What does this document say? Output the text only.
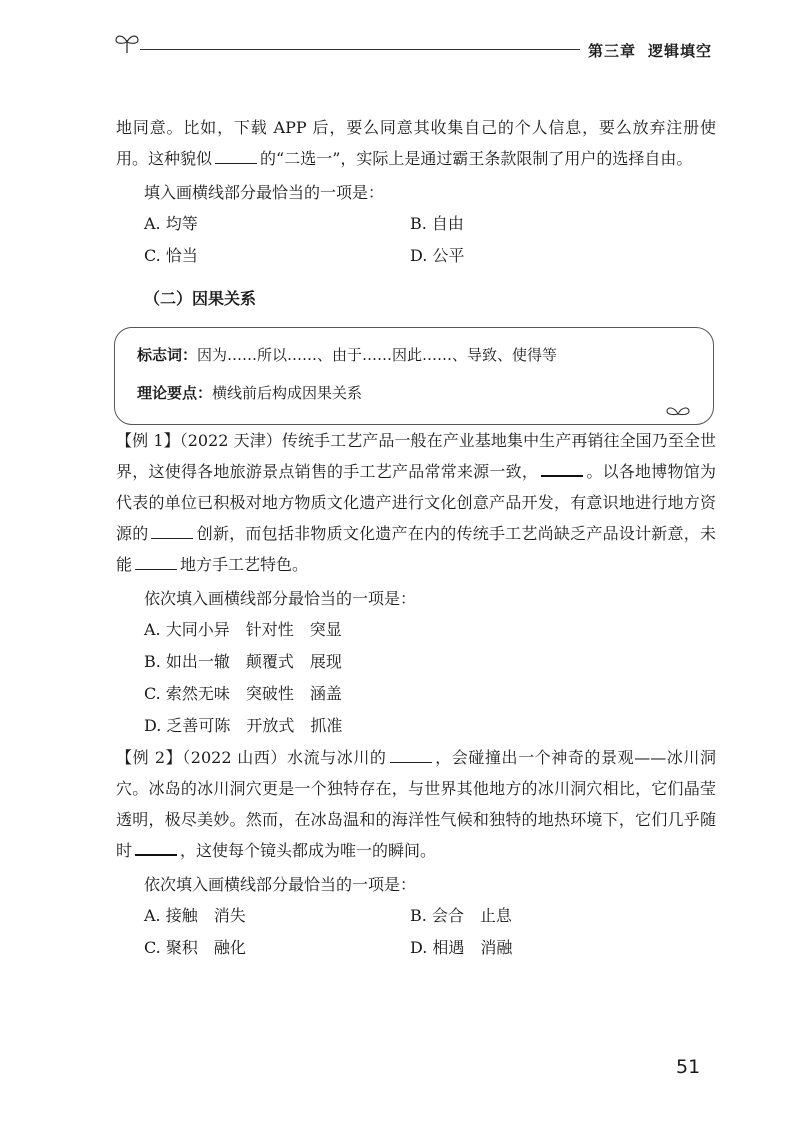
第三章 逻辑填空

地同意。比如，下载 APP 后，要么同意其收集自己的个人信息，要么放弃注册使用。这种貌似	的“二选一”，实际上是通过霸王条款限制了用户的选择自由。

填入画横线部分最恰当的一项是：
A. 均等	B. 自由
C. 恰当	D. 公平
（二）因果关系
标志词：因为……所以……、由于……因此……、导致、使得等
理论要点：横线前后构成因果关系

【例 1】（2022 天津）传统手工艺产品一般在产业基地集中生产再销往全国乃至全世界，这使得各地旅游景点销售的手工艺产品常常来源一致，	。以各地博物馆为代表的单位已积极对地方物质文化遗产进行文化创意产品开发，有意识地进行地方资源的	创新，而包括非物质文化遗产在内的传统手工艺尚缺乏产品设计新意，未能	地方手工艺特色。

依次填入画横线部分最恰当的一项是：
A. 大同小异　针对性　突显
B. 如出一辙　颠覆式　展现
C. 索然无味　突破性　涵盖
D. 乏善可陈　开放式　抓准

【例 2】（2022 山西）水流与冰川的	，会碰撞出一个神奇的景观——冰川洞穴。冰岛的冰川洞穴更是一个独特存在，与世界其他地方的冰川洞穴相比，它们晶莹透明，极尽美妙。然而，在冰岛温和的海洋性气候和独特的地热环境下，它们几乎随时	，这使每个镜头都成为唯一的瞬间。

依次填入画横线部分最恰当的一项是：
A. 接触　消失	B. 会合　止息
C. 聚积　融化	D. 相遇　消融
51
